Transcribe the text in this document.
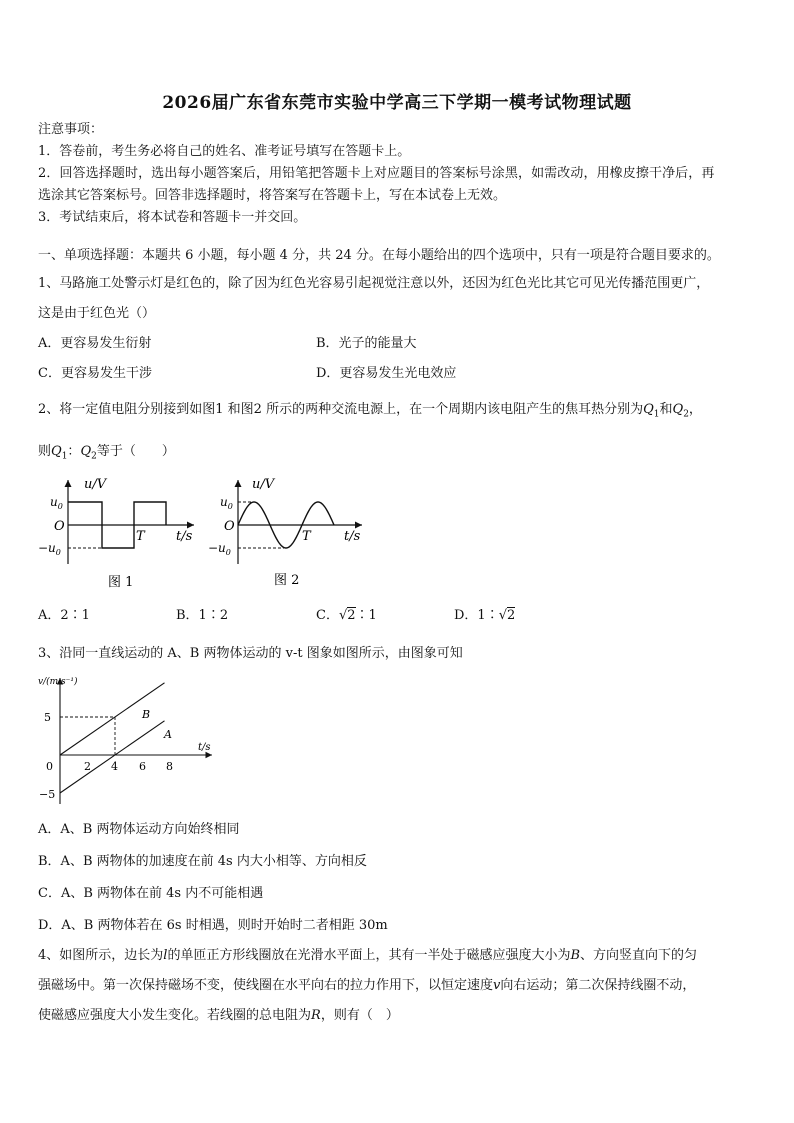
2026届广东省东莞市实验中学高三下学期一模考试物理试题
注意事项：
1．答卷前，考生务必将自己的姓名、准考证号填写在答题卡上。
2．回答选择题时，选出每小题答案后，用铅笔把答题卡上对应题目的答案标号涂黑，如需改动，用橡皮擦干净后，再
选涂其它答案标号。回答非选择题时，将答案写在答题卡上，写在本试卷上无效。
3．考试结束后，将本试卷和答题卡一并交回。
一、单项选择题：本题共 6 小题，每小题 4 分，共 24 分。在每小题给出的四个选项中，只有一项是符合题目要求的。
1、马路施工处警示灯是红色的，除了因为红色光容易引起视觉注意以外，还因为红色光比其它可见光传播范围更广，
这是由于红色光（）
A．更容易发生衍射	B．光子的能量大
C．更容易发生干涉	D．更容易发生光电效应
2、将一定值电阻分别接到如图1 和图2 所示的两种交流电源上，在一个周期内该电阻产生的焦耳热分别为$Q_1$和$Q_2$，
则$Q_1$：$Q_2$等于（　　）
u/V
$u_0$
O
$-u_0$
T t/s
图 1
u/V
$u_0$
O
$-u_0$
T	t/s
图 2
A．2∶1	B．1∶2	C．√2∶1	D．1∶√2
3、沿同一直线运动的 A、B 两物体运动的 v-t 图象如图所示，由图象可知
v/(m·s⁻¹)
t/s
5
−5
0	2 4 6 8
B
A
A．A、B 两物体运动方向始终相同
B．A、B 两物体的加速度在前 4s 内大小相等、方向相反
C．A、B 两物体在前 4s 内不可能相遇
D．A、B 两物体若在 6s 时相遇，则时开始时二者相距 30m
4、如图所示，边长为l的单匝正方形线圈放在光滑水平面上，其有一半处于磁感应强度大小为B、方向竖直向下的匀
强磁场中。第一次保持磁场不变，使线圈在水平向右的拉力作用下，以恒定速度v向右运动；第二次保持线圈不动，
使磁感应强度大小发生变化。若线圈的总电阻为R，则有（　）
